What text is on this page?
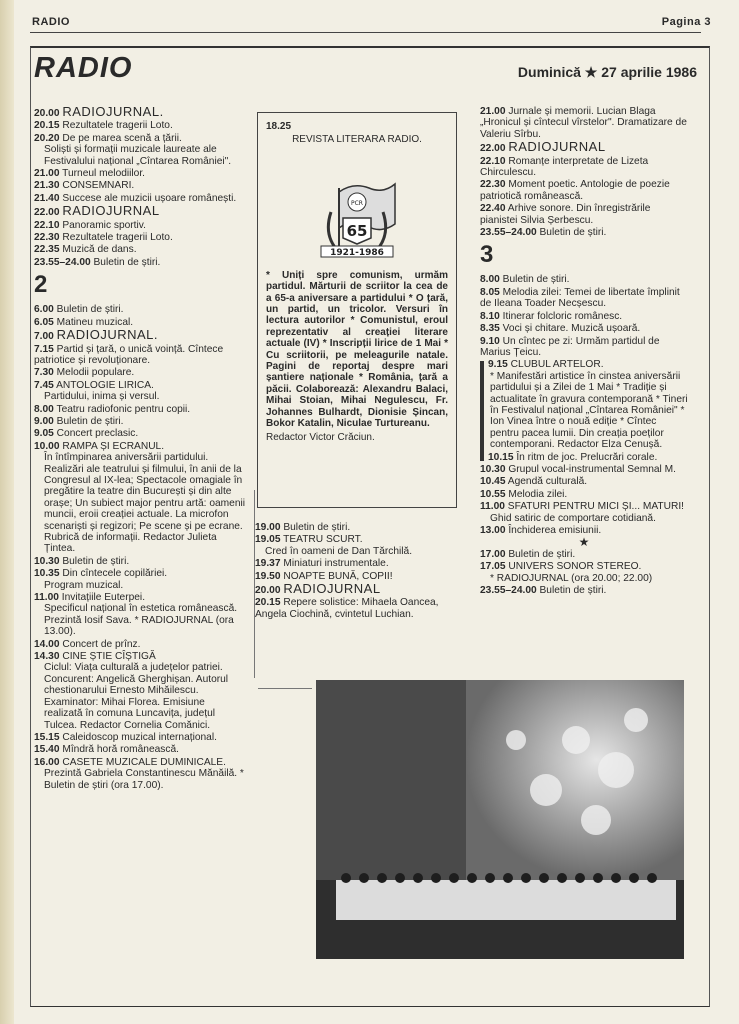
RADIO	Pagina 3
RADIO	Duminică ★ 27 aprilie 1986
20.00 RADIOJURNAL.
20.15 Rezultatele tragerii Loto.
20.20 De pe marea scenă a țării.
Soliști și formații muzicale laureate ale Festivalului național „Cîntarea României".
21.00 Turneul melodiilor.
21.30 CONSEMNARI.
21.40 Succese ale muzicii ușoare românești.
22.00 RADIOJURNAL
22.10 Panoramic sportiv.
22.30 Rezultatele tragerii Loto.
22.35 Muzică de dans.
23.55–24.00 Buletin de știri.
2
6.00 Buletin de știri.
6.05 Matineu muzical.
7.00 RADIOJURNAL.
7.15 Partid și țară, o unică voință. Cîntece patriotice și revoluționare.
7.30 Melodii populare.
7.45 ANTOLOGIE LIRICA.
Partidului, inima și versul.
8.00 Teatru radiofonic pentru copii.
9.00 Buletin de știri.
9.05 Concert preclasic.
10.00 RAMPA ȘI ECRANUL.
În întîmpinarea aniversării partidului. Realizări ale teatrului și filmului, în anii de la Congresul al IX-lea; Spectacole omagiale în pregătire la teatre din București și din alte orașe; Un subiect major pentru artă: oamenii muncii, eroii creației actuale. La microfon scenariști și regizori; Pe scene și pe ecrane. Rubrică de informații. Redactor Julieta Țintea.
10.30 Buletin de știri.
10.35 Din cîntecele copilăriei.
Program muzical.
11.00 Invitațiile Euterpei.
Specificul național în estetica românească. Prezintă Iosif Sava. * RADIOJURNAL (ora 13.00).
14.00 Concert de prînz.
14.30 CINE ȘTIE CÎȘTIGĂ
Ciclul: Viața culturală a județelor patriei. Concurent: Angelică Gherghișan. Autorul chestionarului Ernesto Mihăilescu. Examinator: Mihai Florea. Emisiune realizată în comuna Luncavița, județul Tulcea. Redactor Cornelia Comănici.
15.15 Caleidoscop muzical internațional.
15.40 Mîndră horă românească.
16.00 CASETE MUZICALE DUMINICALE.
Prezintă Gabriela Constantinescu Mănăilă. * Buletin de știri (ora 17.00).
18.25
REVISTA LITERARA RADIO.
PCR
65
1921-1986
* Uniți spre comunism, urmăm partidul. Mărturii de scriitor la cea de a 65-a aniversare a partidului * O țară, un partid, un tricolor. Versuri în lectura autorilor * Comunistul, eroul reprezentativ al creației literare actuale (IV) * Inscripții lirice de 1 Mai * Cu scriitorii, pe meleagurile natale. Pagini de reportaj despre mari șantiere naționale * România, țară a păcii. Colaborează: Alexandru Balaci, Mihai Stoian, Mihai Negulescu, Fr. Johannes Bulhardt, Dionisie Șincan, Bokor Katalin, Niculae Turtureanu.
Redactor Victor Crăciun.
19.00 Buletin de știri.
19.05 TEATRU SCURT.
Cred în oameni de Dan Tărchilă.
19.37 Miniaturi instrumentale.
19.50 NOAPTE BUNĂ, COPII!
20.00 RADIOJURNAL
20.15 Repere solistice: Mihaela Oancea, Angela Ciochină, cvintetul Luchian.
21.00 Jurnale și memorii. Lucian Blaga „Hronicul și cîntecul vîrstelor". Dramatizare de Valeriu Sîrbu.
22.00 RADIOJURNAL
22.10 Romanțe interpretate de Lizeta Chirculescu.
22.30 Moment poetic. Antologie de poezie patriotică românească.
22.40 Arhive sonore. Din înregistrările pianistei Silvia Șerbescu.
23.55–24.00 Buletin de știri.
3
8.00 Buletin de știri.
8.05 Melodia zilei: Temei de libertate împlinit de Ileana Toader Necșescu.
8.10 Itinerar folcloric românesc.
8.35 Voci și chitare. Muzică ușoară.
9.10 Un cîntec pe zi: Urmăm partidul de Marius Țeicu.
9.15 CLUBUL ARTELOR.
* Manifestări artistice în cinstea aniversării partidului și a Zilei de 1 Mai * Tradiție și actualitate în gravura contemporană * Tineri în Festivalul național „Cîntarea României" * Ion Vinea între o nouă ediție * Cîntec pentru pacea lumii. Din creația poeților contemporani. Redactor Elza Cenușă.
10.15 În ritm de joc. Prelucrări corale.
10.30 Grupul vocal-instrumental Semnal M.
10.45 Agendă culturală.
10.55 Melodia zilei.
11.00 SFATURI PENTRU MICI ȘI... MATURI!
Ghid satiric de comportare cotidiană.
13.00 Închiderea emisiunii.
★
17.00 Buletin de știri.
17.05 UNIVERS SONOR STEREO.
* RADIOJURNAL (ora 20.00; 22.00)
23.55–24.00 Buletin de știri.
